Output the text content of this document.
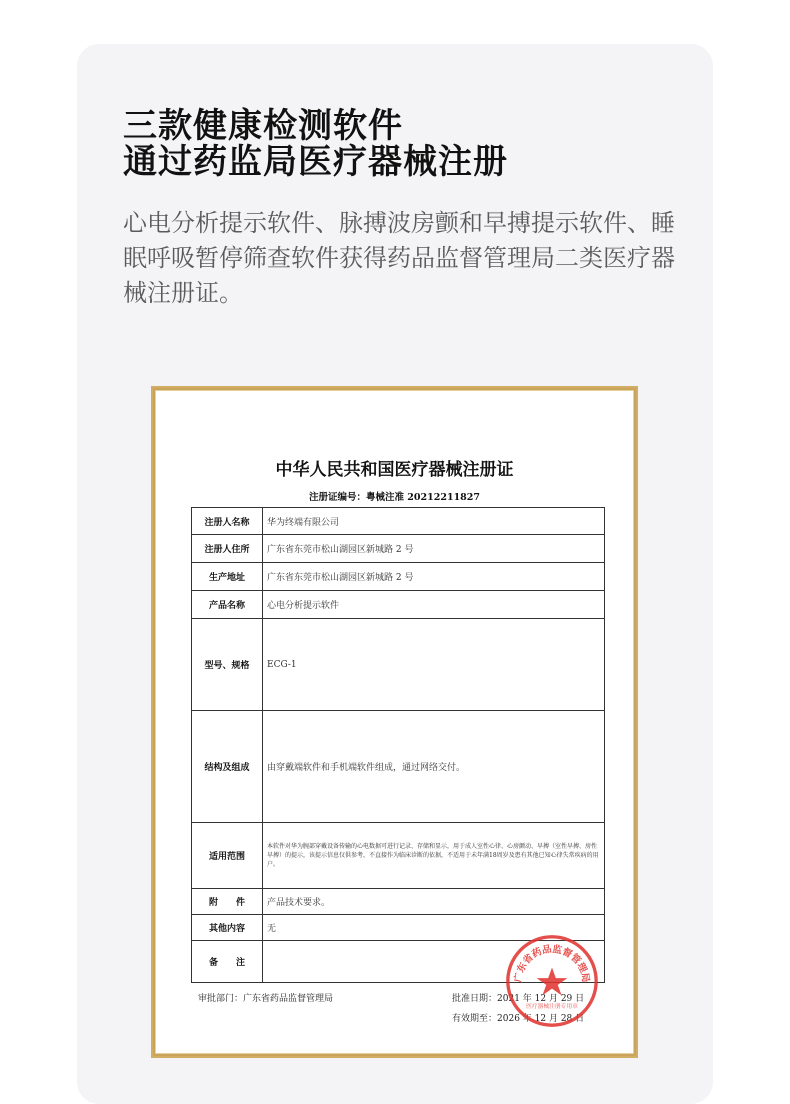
三款健康检测软件
通过药监局医疗器械注册

心电分析提示软件、脉搏波房颤和早搏提示软件、睡眠呼吸暂停筛查软件获得药品监督管理局二类医疗器械注册证。

中华人民共和国医疗器械注册证
注册证编号：粤械注准 20212211827
注册人名称	华为终端有限公司
注册人住所	广东省东莞市松山湖园区新城路 2 号
生产地址	广东省东莞市松山湖园区新城路 2 号
产品名称	心电分析提示软件
型号、规格	ECG-1
结构及组成	由穿戴端软件和手机端软件组成，通过网络交付。
适用范围	本软件对华为腕部穿戴设备传输的心电数据可进行记录、存储和显示，用于成人室性心律、心房颤动、早搏（室性早搏、房性早搏）的提示，该提示信息仅供参考，不直接作为临床诊断的依据，不适用于未年满18周岁及患有其他已知心律失常疾病的用户。
附　　件	产品技术要求。
其他内容	无
备　　注	
审批部门：广东省药品监督管理局	批准日期：2021 年 12 月 29 日
有效期至：2026 年 12 月 28 日
广东省药品监督管理局
医疗器械注册专用章
